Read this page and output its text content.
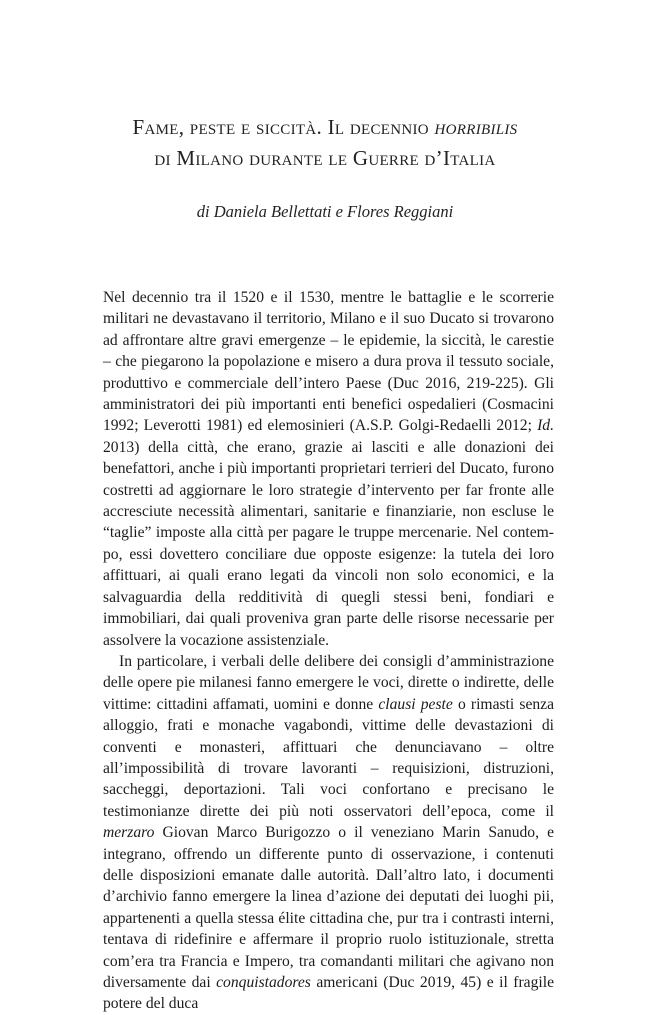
Fame, peste e siccità. Il decennio horribilis
di Milano durante le Guerre d’Italia
di Daniela Bellettati e Flores Reggiani

Nel decennio tra il 1520 e il 1530, mentre le battaglie e le scorrerie militari ne devastavano il territorio, Milano e il suo Ducato si trovarono ad affrontare altre gravi emergenze – le epidemie, la siccità, le carestie – che piegarono la popolazione e misero a dura prova il tessuto sociale, produttivo e commerciale dell’intero Paese (Duc 2016, 219-225). Gli amministratori dei più importanti enti benefici ospedalieri (Cosmacini 1992; Leverotti 1981) ed elemosinieri (A.S.P. Golgi-Redaelli 2012; Id. 2013) della città, che erano, grazie ai lasciti e alle donazioni dei benefattori, anche i più importanti proprietari terrieri del Ducato, furono costretti ad aggiornare le loro strategie d’intervento per far fronte alle accresciute necessità alimentari, sanitarie e finanziarie, non escluse le “taglie” imposte alla città per pagare le truppe mercenarie. Nel contempo, essi dovettero conciliare due opposte esigenze: la tutela dei loro affittuari, ai quali erano legati da vincoli non solo economici, e la salvaguardia della redditività di quegli stessi beni, fondiari e immobiliari, dai quali proveniva gran parte delle risorse necessarie per assolvere la vocazione assistenziale.

In particolare, i verbali delle delibere dei consigli d’amministrazione delle opere pie milanesi fanno emergere le voci, dirette o indirette, delle vittime: cittadini affamati, uomini e donne clausi peste o rimasti senza alloggio, frati e monache vagabondi, vittime delle devastazioni di conventi e monasteri, affittuari che denunciavano – oltre all’impossibilità di trovare lavoranti – requisizioni, distruzioni, saccheggi, deportazioni. Tali voci confortano e precisano le testimonianze dirette dei più noti osservatori dell’epoca, come il merzaro Giovan Marco Burigozzo o il veneziano Marin Sanudo, e integrano, offrendo un differente punto di osservazione, i contenuti delle disposizioni emanate dalle autorità. Dall’altro lato, i documenti d’archivio fanno emergere la linea d’azione dei deputati dei luoghi pii, appartenenti a quella stessa élite cittadina che, pur tra i contrasti interni, tentava di ridefinire e affermare il proprio ruolo istituzionale, stretta com’era tra Francia e Impero, tra comandanti militari che agivano non diversamente dai conquistadores americani (Duc 2019, 45) e il fragile potere del duca
